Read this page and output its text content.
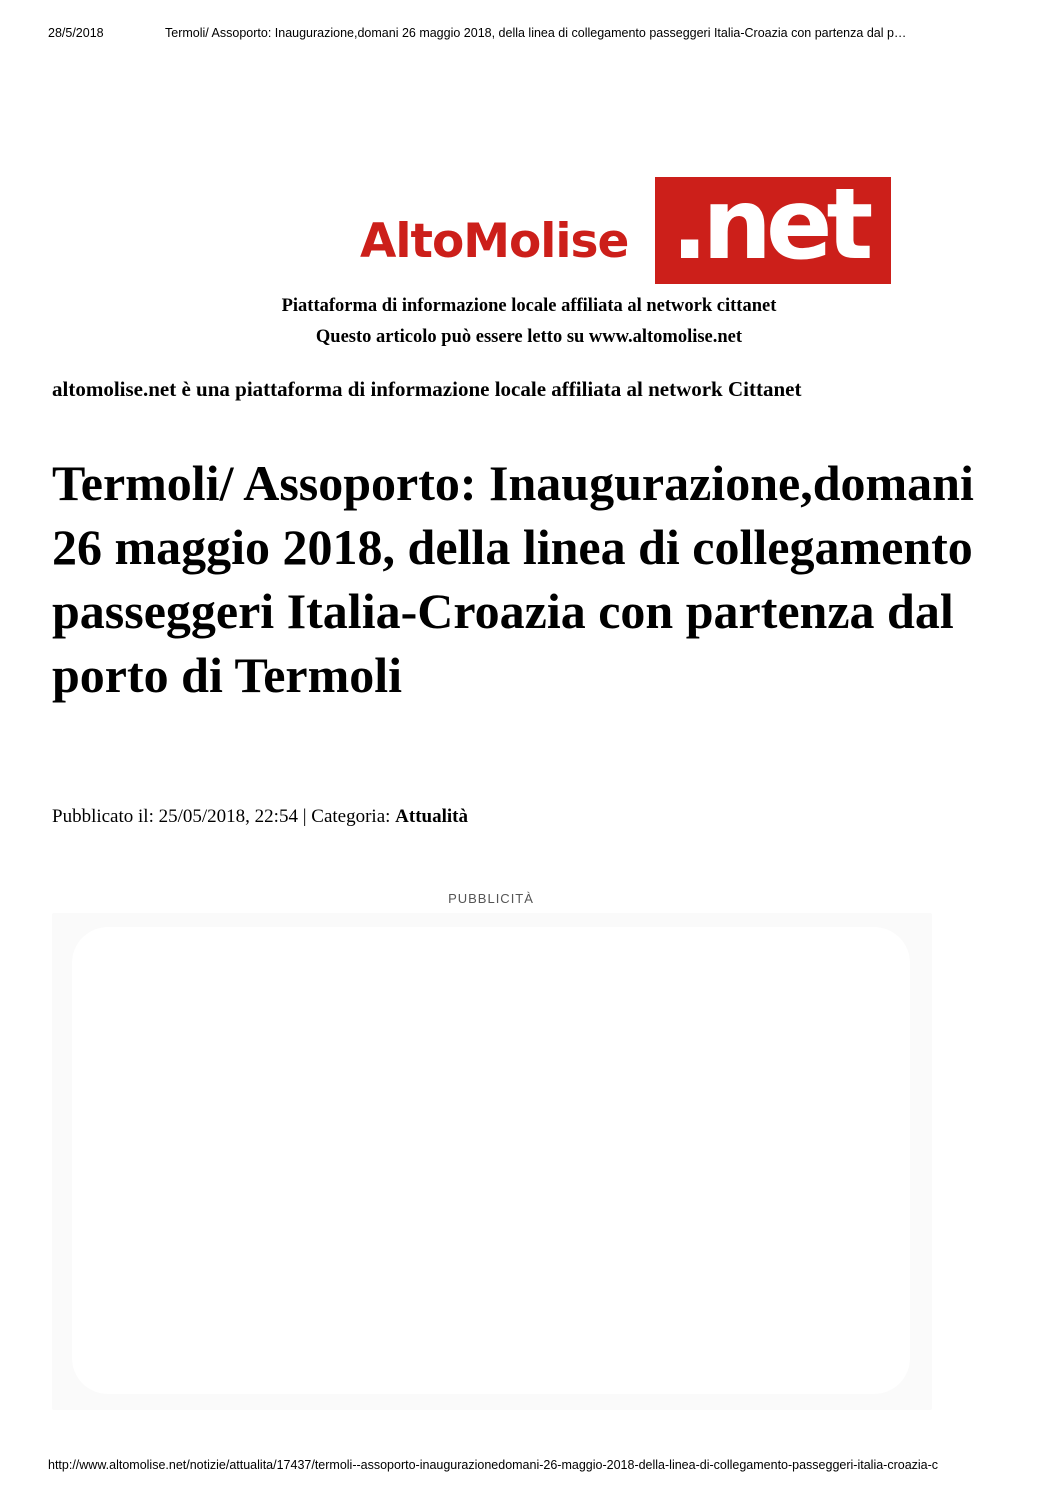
28/5/2018	Termoli/ Assoporto: Inaugurazione,domani 26 maggio 2018, della linea di collegamento passeggeri Italia-Croazia con partenza dal p…
AltoMolise .net
Piattaforma di informazione locale affiliata al network cittanet
Questo articolo può essere letto su www.altomolise.net
altomolise.net è una piattaforma di informazione locale affiliata al network Cittanet
Termoli/ Assoporto: Inaugurazione,domani 26 maggio 2018, della linea di collegamento passeggeri Italia-Croazia con partenza dal porto di Termoli
Pubblicato il: 25/05/2018, 22:54 | Categoria: Attualità
PUBBLICITÀ
http://www.altomolise.net/notizie/attualita/17437/termoli--assoporto-inaugurazionedomani-26-maggio-2018-della-linea-di-collegamento-passeggeri-italia-croazia-c
